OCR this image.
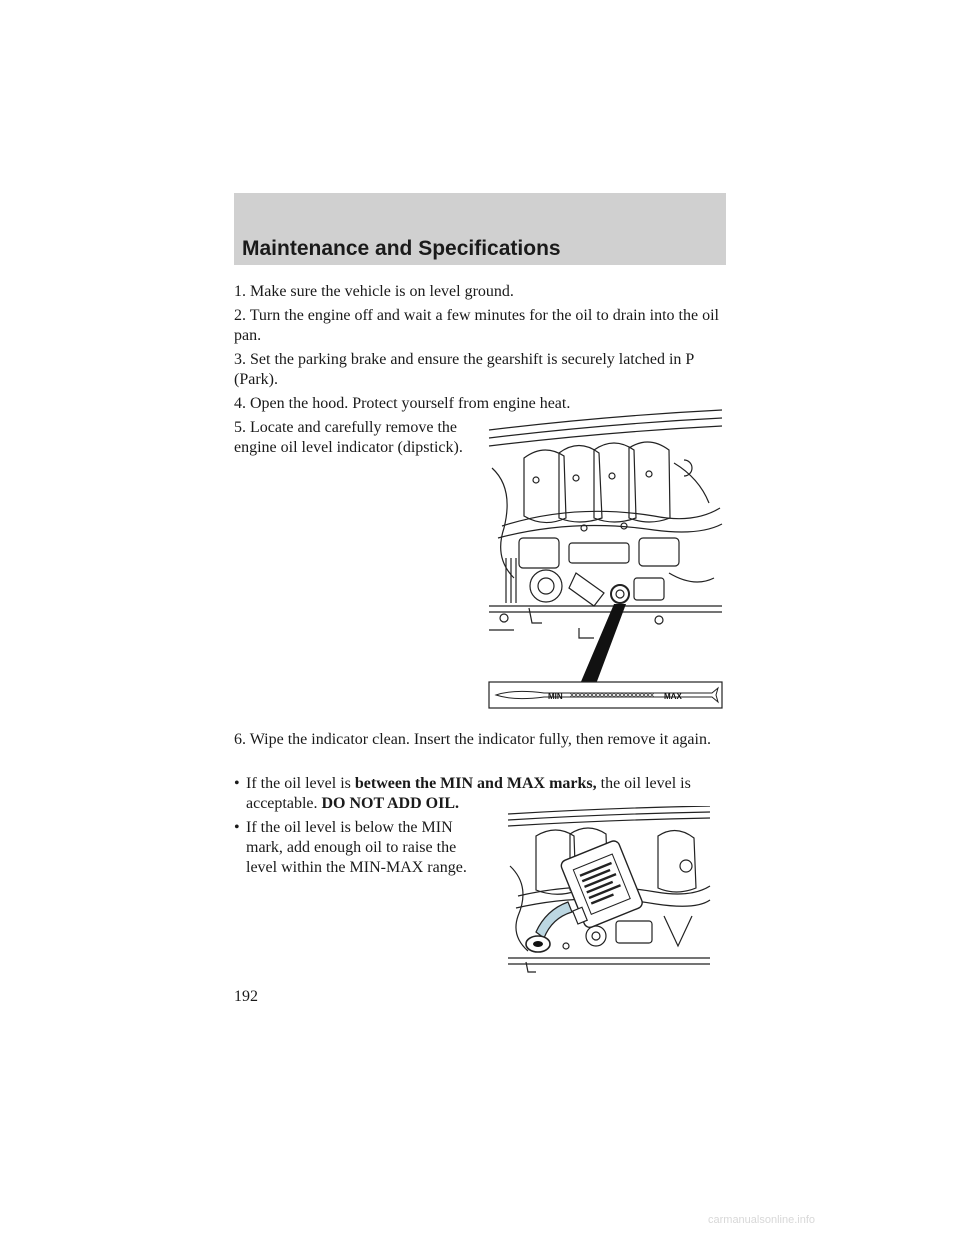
Maintenance and Specifications

1. Make sure the vehicle is on level ground.

2. Turn the engine off and wait a few minutes for the oil to drain into the oil pan.

3. Set the parking brake and ensure the gearshift is securely latched in P (Park).

4. Open the hood. Protect yourself from engine heat.

5. Locate and carefully remove the engine oil level indicator (dipstick).

MIN	MAX

6. Wipe the indicator clean. Insert the indicator fully, then remove it again.

• If the oil level is between the MIN and MAX marks, the oil level is acceptable. DO NOT ADD OIL.
• If the oil level is below the MIN mark, add enough oil to raise the level within the MIN-MAX range.
192
carmanualsonline.info
